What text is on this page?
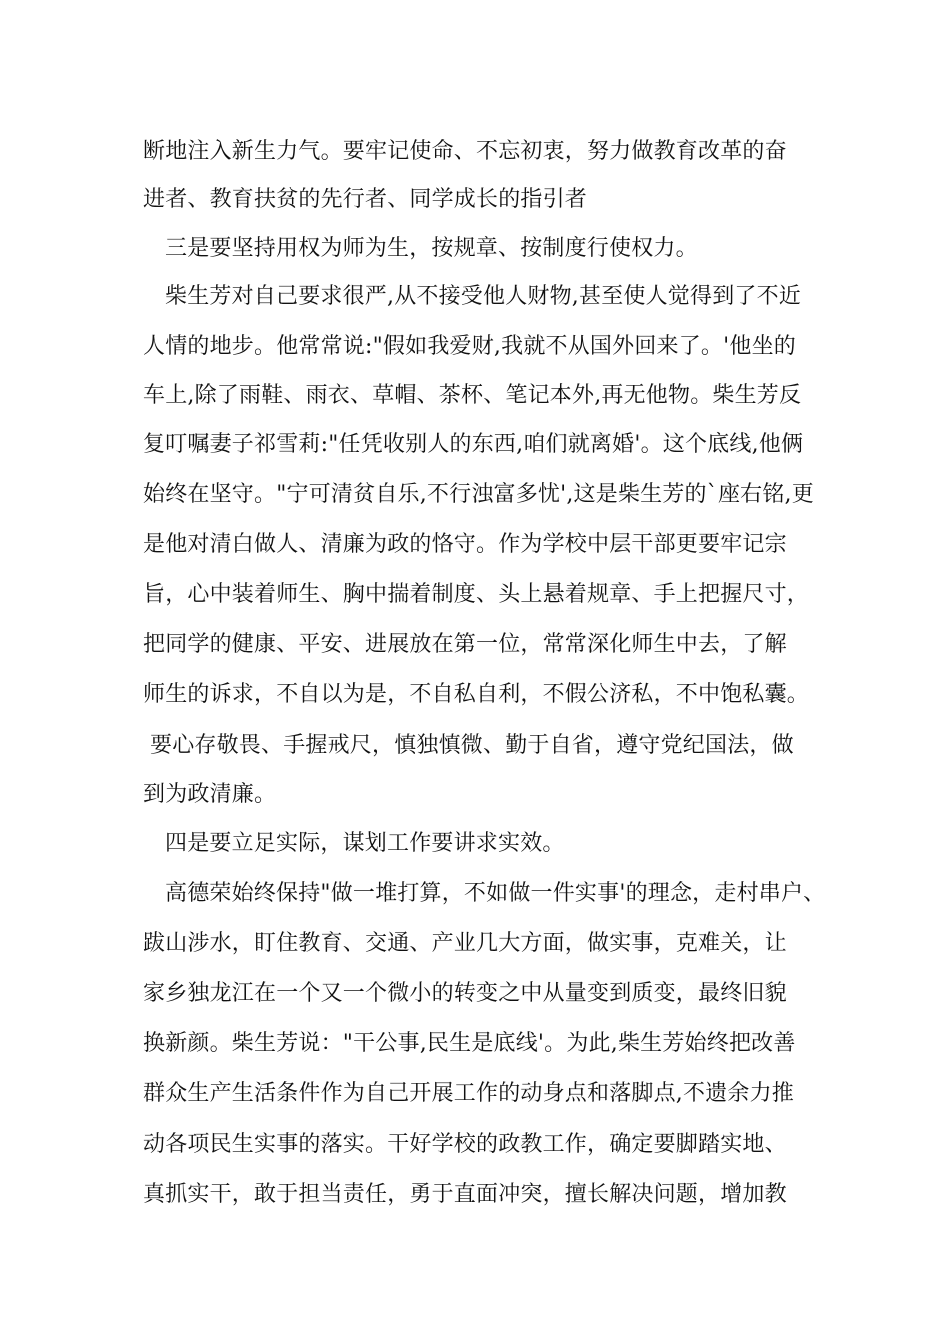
断地注入新生力气。要牢记使命、不忘初衷，努力做教育改革的奋
进者、教育扶贫的先行者、同学成长的指引者
三是要坚持用权为师为生，按规章、按制度行使权力。
柴生芳对自己要求很严,从不接受他人财物,甚至使人觉得到了不近
人情的地步。他常常说:"假如我爱财,我就不从国外回来了。'他坐的
车上,除了雨鞋、雨衣、草帽、茶杯、笔记本外,再无他物。柴生芳反
复叮嘱妻子祁雪莉:"任凭收别人的东西,咱们就离婚'。这个底线,他俩
始终在坚守。"宁可清贫自乐,不行浊富多忧',这是柴生芳的`座右铭,更
是他对清白做人、清廉为政的恪守。作为学校中层干部更要牢记宗
旨，心中装着师生、胸中揣着制度、头上悬着规章、手上把握尺寸，
把同学的健康、平安、进展放在第一位，常常深化师生中去，了解
师生的诉求，不自以为是，不自私自利，不假公济私，不中饱私囊。
要心存敬畏、手握戒尺，慎独慎微、勤于自省，遵守党纪国法，做
到为政清廉。
四是要立足实际，谋划工作要讲求实效。
高德荣始终保持"做一堆打算，不如做一件实事'的理念，走村串户、
跋山涉水，盯住教育、交通、产业几大方面，做实事，克难关，让
家乡独龙江在一个又一个微小的转变之中从量变到质变，最终旧貌
换新颜。柴生芳说："干公事,民生是底线'。为此,柴生芳始终把改善
群众生产生活条件作为自己开展工作的动身点和落脚点,不遗余力推
动各项民生实事的落实。干好学校的政教工作，确定要脚踏实地、
真抓实干，敢于担当责任，勇于直面冲突，擅长解决问题，增加教
